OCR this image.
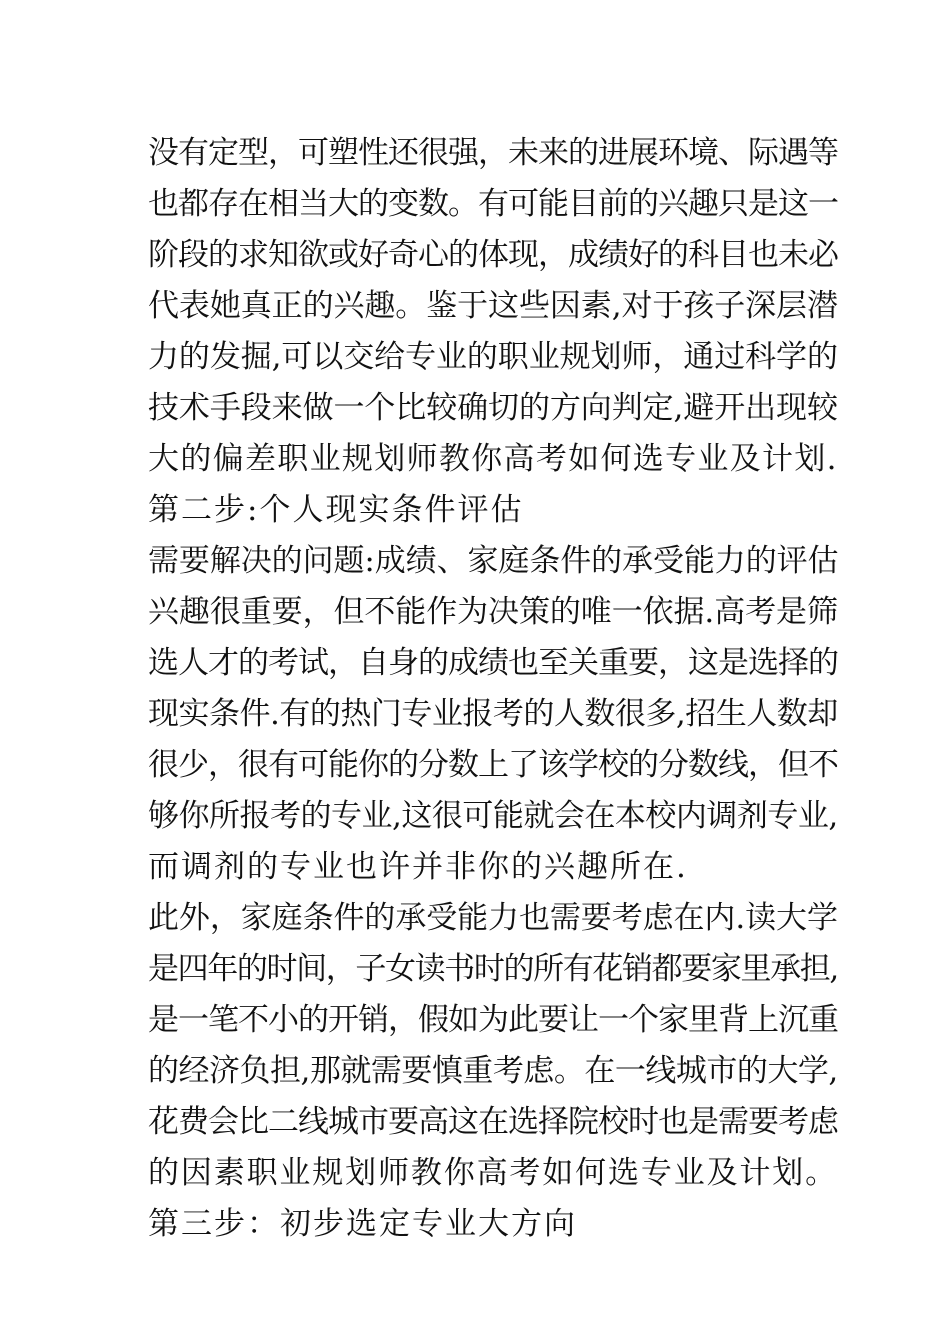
没有定型，可塑性还很强，未来的进展环境、际遇等
也都存在相当大的变数。有可能目前的兴趣只是这一
阶段的求知欲或好奇心的体现，成绩好的科目也未必
代表她真正的兴趣。鉴于这些因素,对于孩子深层潜
力的发掘,可以交给专业的职业规划师，通过科学的
技术手段来做一个比较确切的方向判定,避开出现较
大的偏差职业规划师教你高考如何选专业及计划.
第二步:个人现实条件评估
需要解决的问题:成绩、家庭条件的承受能力的评估
兴趣很重要，但不能作为决策的唯一依据.高考是筛
选人才的考试，自身的成绩也至关重要，这是选择的
现实条件.有的热门专业报考的人数很多,招生人数却
很少，很有可能你的分数上了该学校的分数线，但不
够你所报考的专业,这很可能就会在本校内调剂专业,
而调剂的专业也许并非你的兴趣所在.
此外，家庭条件的承受能力也需要考虑在内.读大学
是四年的时间，子女读书时的所有花销都要家里承担,
是一笔不小的开销，假如为此要让一个家里背上沉重
的经济负担,那就需要慎重考虑。在一线城市的大学,
花费会比二线城市要高这在选择院校时也是需要考虑
的因素职业规划师教你高考如何选专业及计划。
第三步：初步选定专业大方向
